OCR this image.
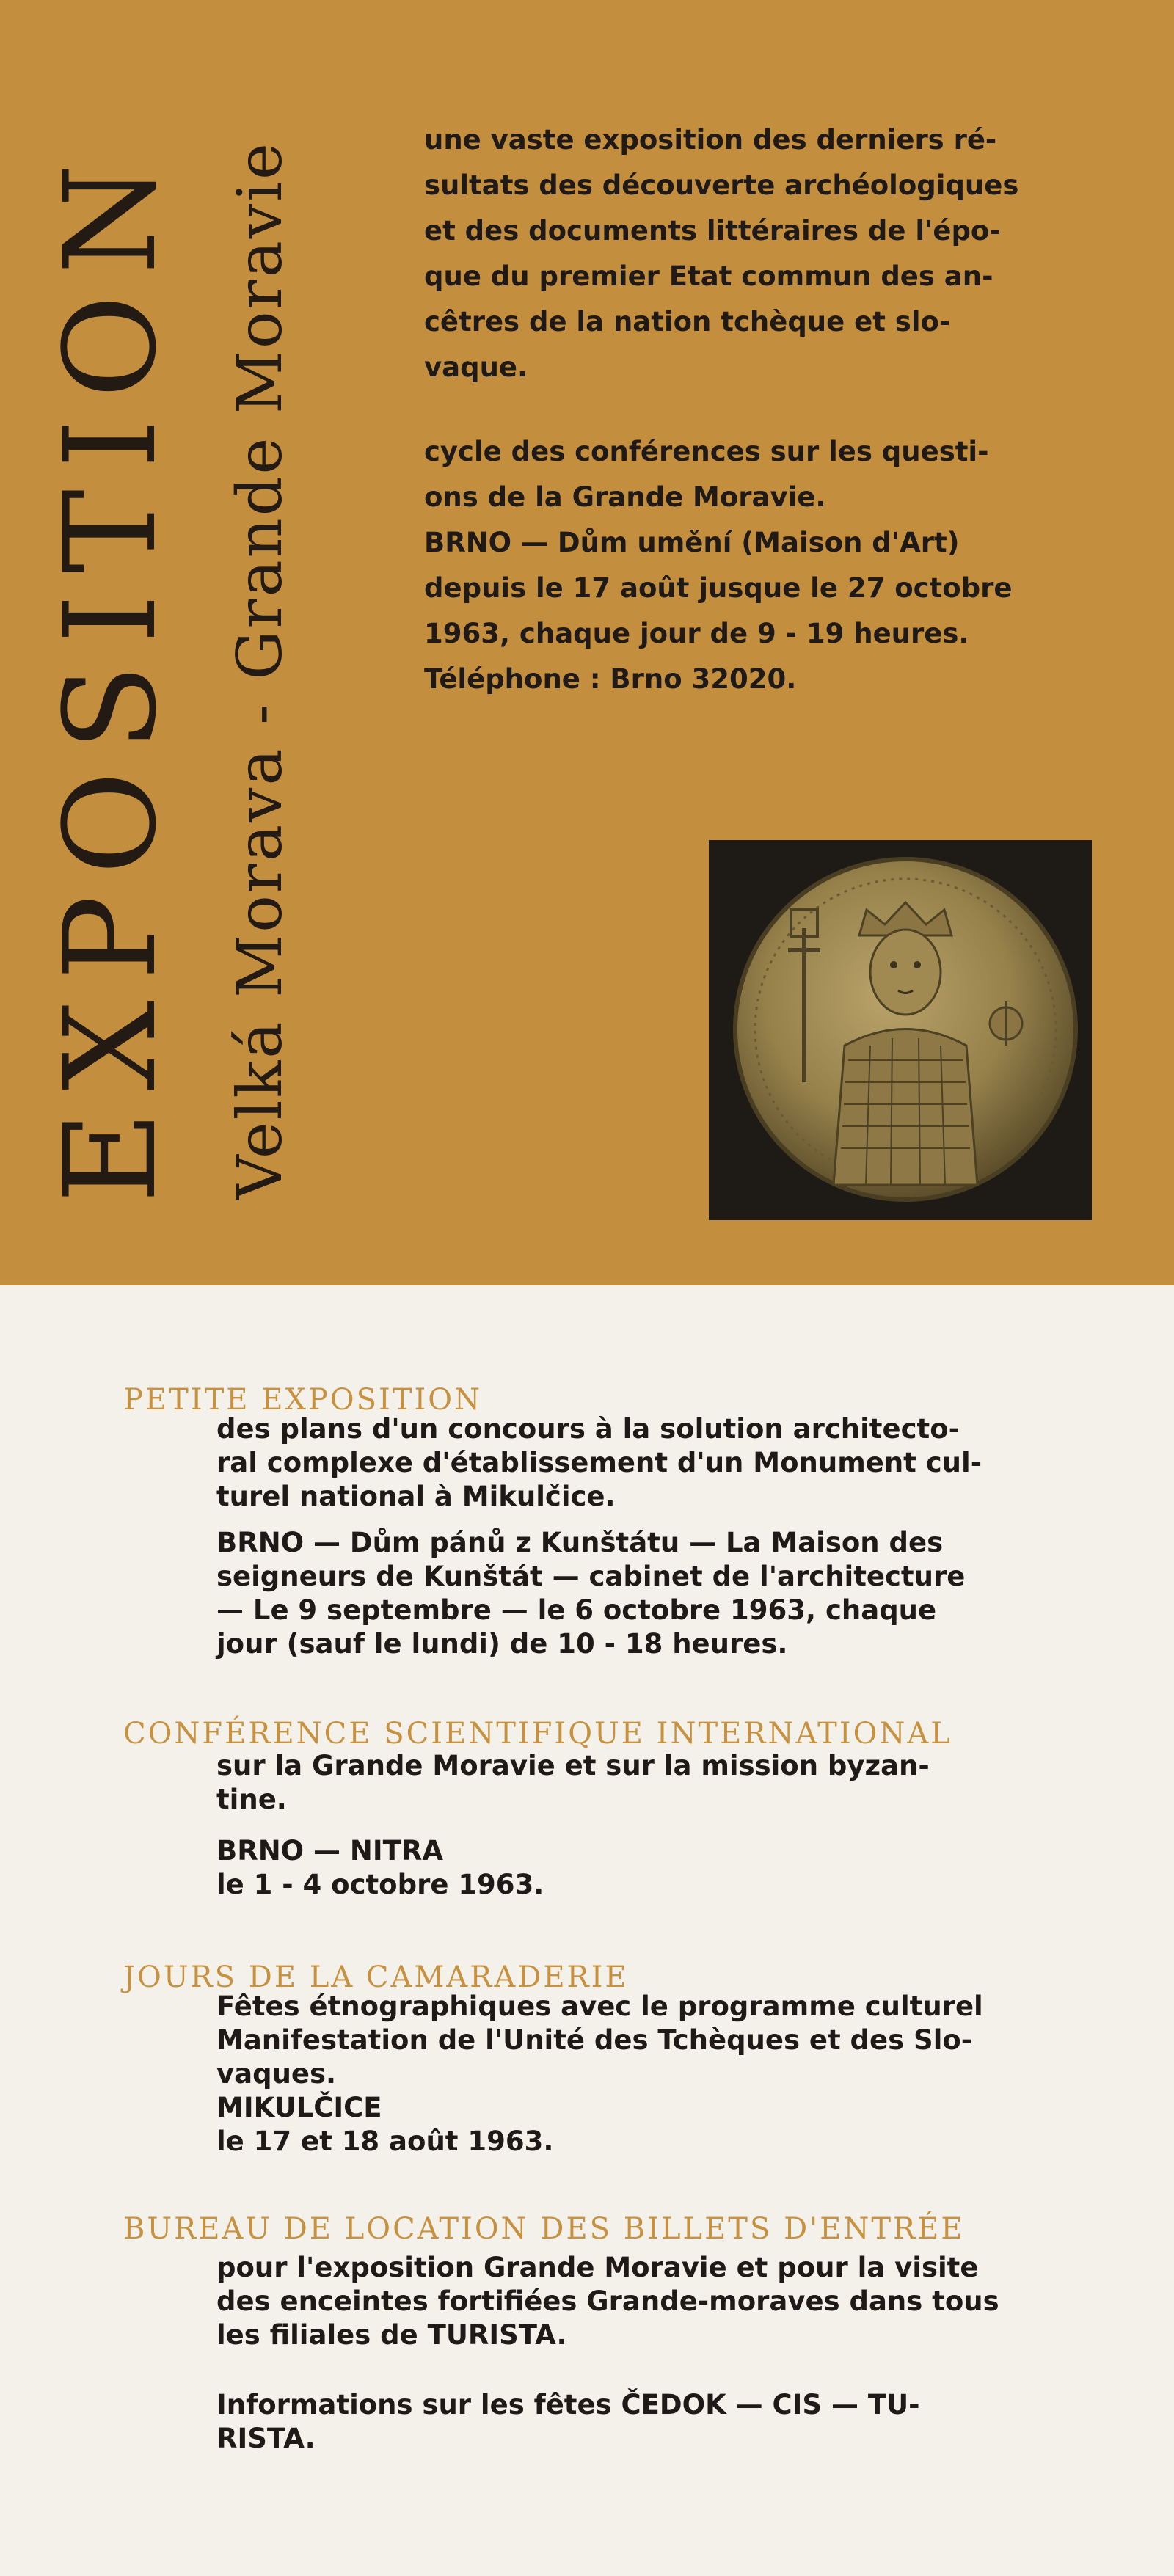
EXPOSITION Velká Morava - Grande Moravie
une vaste exposition des derniers ré-
sultats des découverte archéologiques
et des documents littéraires de l'épo-
que du premier Etat commun des an-
cêtres de la nation tchèque et slo-
vaque.
cycle des conférences sur les questi-
ons de la Grande Moravie.
BRNO — Dům umění (Maison d'Art)
depuis le 17 août jusque le 27 octobre
1963, chaque jour de 9 - 19 heures.
Téléphone : Brno 32020.
PETITE EXPOSITION
des plans d'un concours à la solution architecto-
ral complexe d'établissement d'un Monument cul-
turel national à Mikulčice.
BRNO — Dům pánů z Kunštátu — La Maison des
seigneurs de Kunštát — cabinet de l'architecture
— Le 9 septembre — le 6 octobre 1963, chaque
jour (sauf le lundi) de 10 - 18 heures.
CONFÉRENCE SCIENTIFIQUE INTERNATIONAL
sur la Grande Moravie et sur la mission byzan-
tine.
BRNO — NITRA
le 1 - 4 octobre 1963.
JOURS DE LA CAMARADERIE
Fêtes étnographiques avec le programme culturel
Manifestation de l'Unité des Tchèques et des Slo-
vaques.
MIKULČICE
le 17 et 18 août 1963.
BUREAU DE LOCATION DES BILLETS D'ENTRÉE
pour l'exposition Grande Moravie et pour la visite
des enceintes fortifiées Grande-moraves dans tous
les filiales de TURISTA.
Informations sur les fêtes ČEDOK — CIS — TU-
RISTA.
